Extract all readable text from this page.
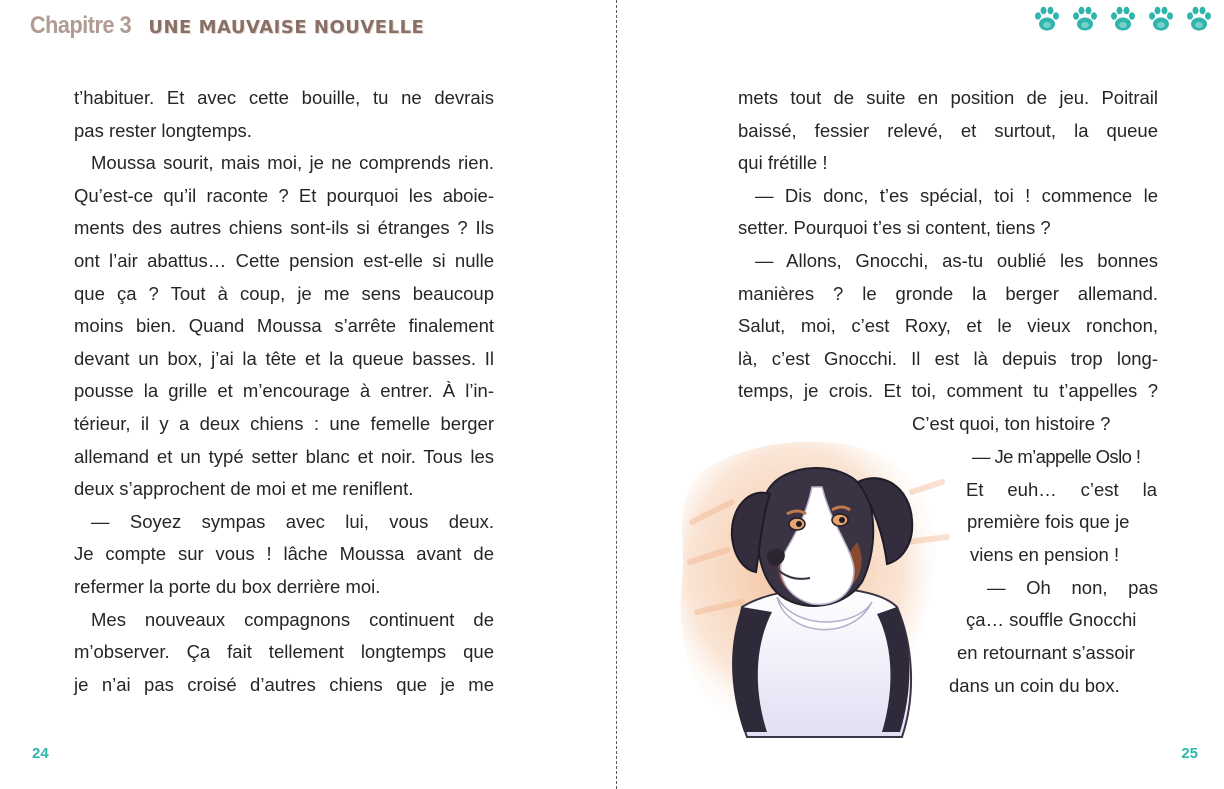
Chapitre 3 UNE MAUVAISE NOUVELLE
t’habituer. Et avec cette bouille, tu ne devrais
pas rester longtemps.
Moussa sourit, mais moi, je ne comprends rien.
Qu’est-ce qu’il raconte ? Et pourquoi les aboie-
ments des autres chiens sont-ils si étranges ? Ils
ont l’air abattus… Cette pension est-elle si nulle
que ça ? Tout à coup, je me sens beaucoup
moins bien. Quand Moussa s’arrête finalement
devant un box, j’ai la tête et la queue basses. Il
pousse la grille et m’encourage à entrer. À l’in-
térieur, il y a deux chiens : une femelle berger
allemand et un typé setter blanc et noir. Tous les
deux s’approchent de moi et me reniflent.
— Soyez sympas avec lui, vous deux.
Je compte sur vous ! lâche Moussa avant de
refermer la porte du box derrière moi.
Mes nouveaux compagnons continuent de
m’observer. Ça fait tellement longtemps que
je n’ai pas croisé d’autres chiens que je me
24
mets tout de suite en position de jeu. Poitrail
baissé, fessier relevé, et surtout, la queue
qui frétille !
— Dis donc, t’es spécial, toi ! commence le
setter. Pourquoi t’es si content, tiens ?
— Allons, Gnocchi, as-tu oublié les bonnes
manières ? le gronde la berger allemand.
Salut, moi, c’est Roxy, et le vieux ronchon,
là, c’est Gnocchi. Il est là depuis trop long-
temps, je crois. Et toi, comment tu t’appelles ?
C’est quoi, ton histoire ?
— Je m’appelle Oslo !
Et euh… c’est la
première fois que je
viens en pension !
— Oh non, pas
ça… souffle Gnocchi
en retournant s’assoir
dans un coin du box.
25
